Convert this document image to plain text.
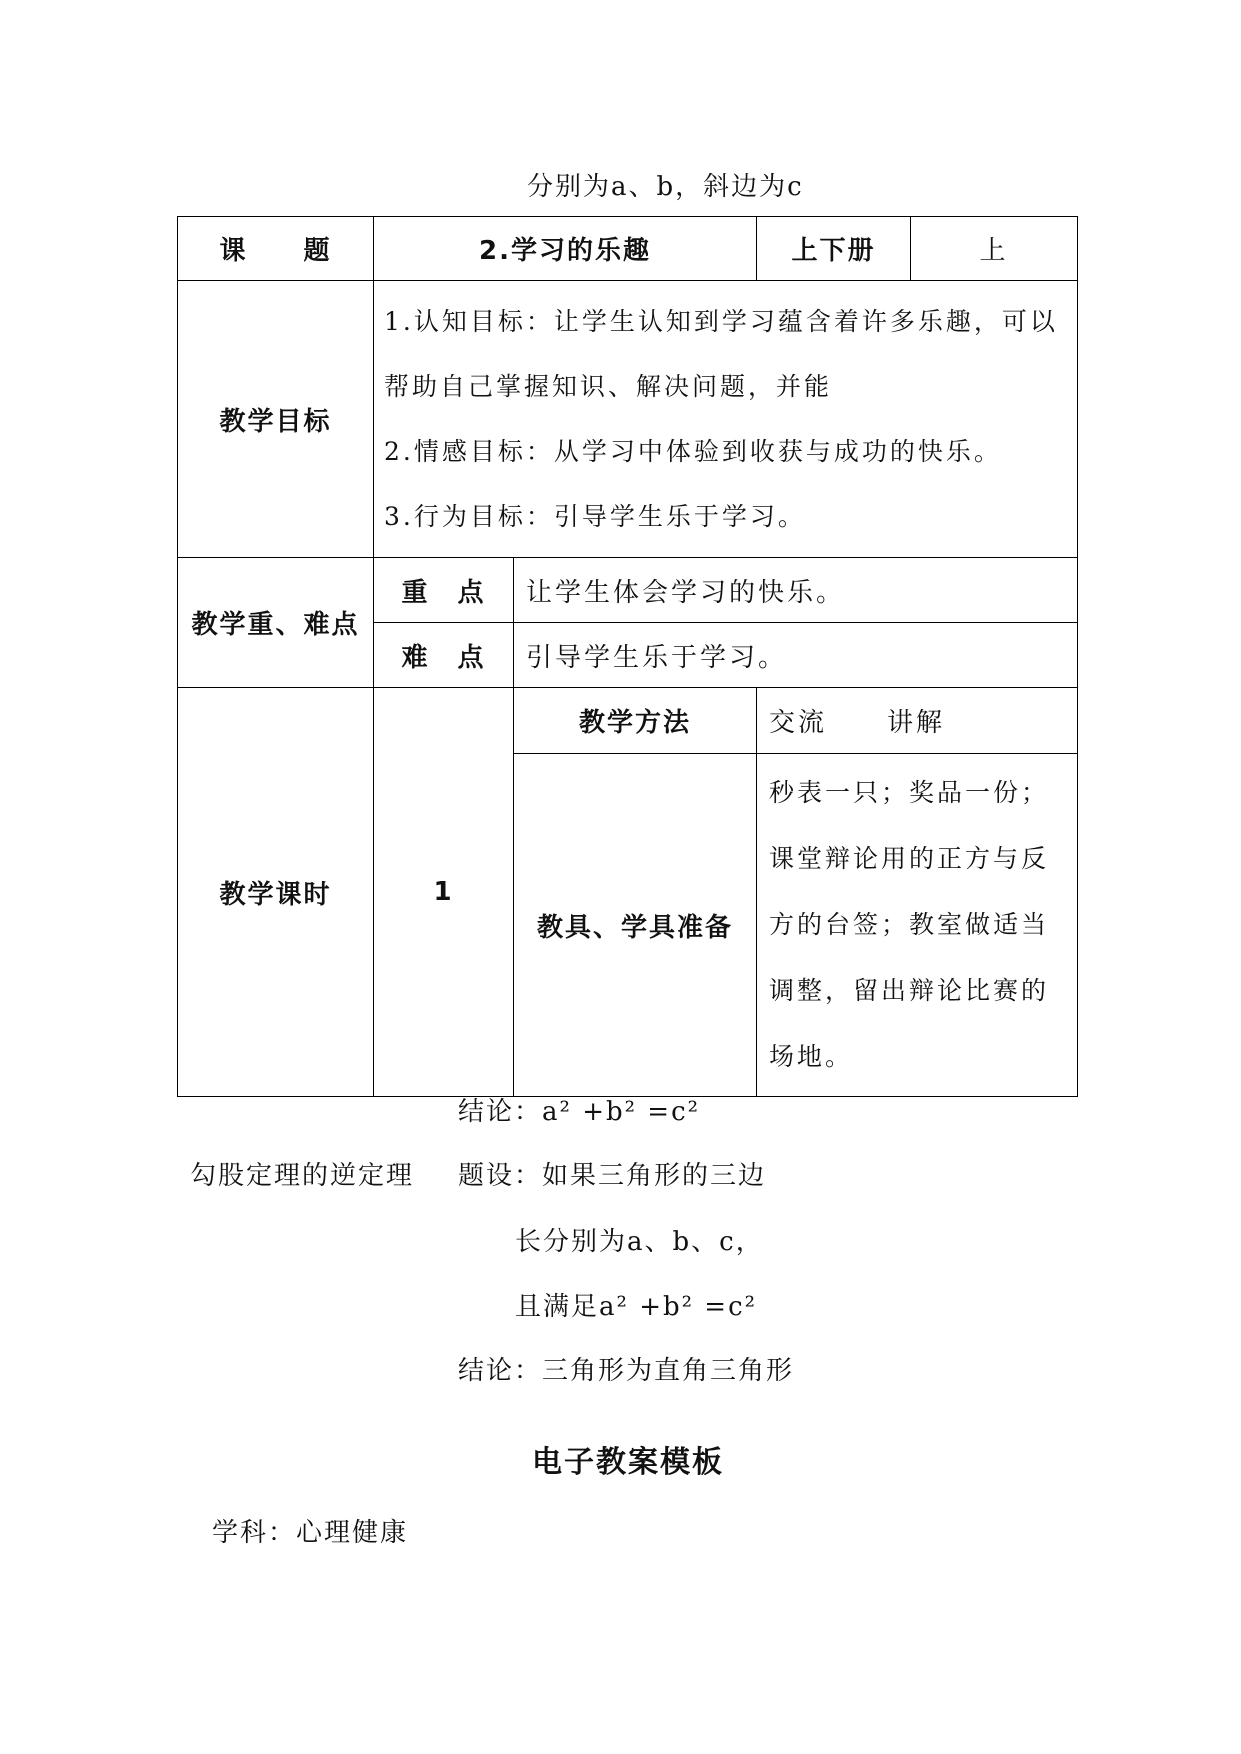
分别为a、b，斜边为c
课　　题	2.学习的乐趣		上下册	上
教学目标	1.认知目标：让学生认知到学习蕴含着许多乐趣，可以
帮助自己掌握知识、解决问题，并能
2.情感目标：从学习中体验到收获与成功的快乐。
3.行为目标：引导学生乐于学习。			

教学重、难点	重　点	让学生体会学习的快乐。		
	难　点	引导学生乐于学习。		
教学课时	1	教学方法	交流 讲解	
		教具、学具准备	秒表一只；奖品一份；
课堂辩论用的正方与反
方的台签；教室做适当
调整，留出辩论比赛的
场地。	
结论：a² +b² =c²
勾股定理的逆定理 题设：如果三角形的三边
长分别为a、b、c，
且满足a² +b² =c²
结论：三角形为直角三角形
电子教案模板
学科：心理健康
